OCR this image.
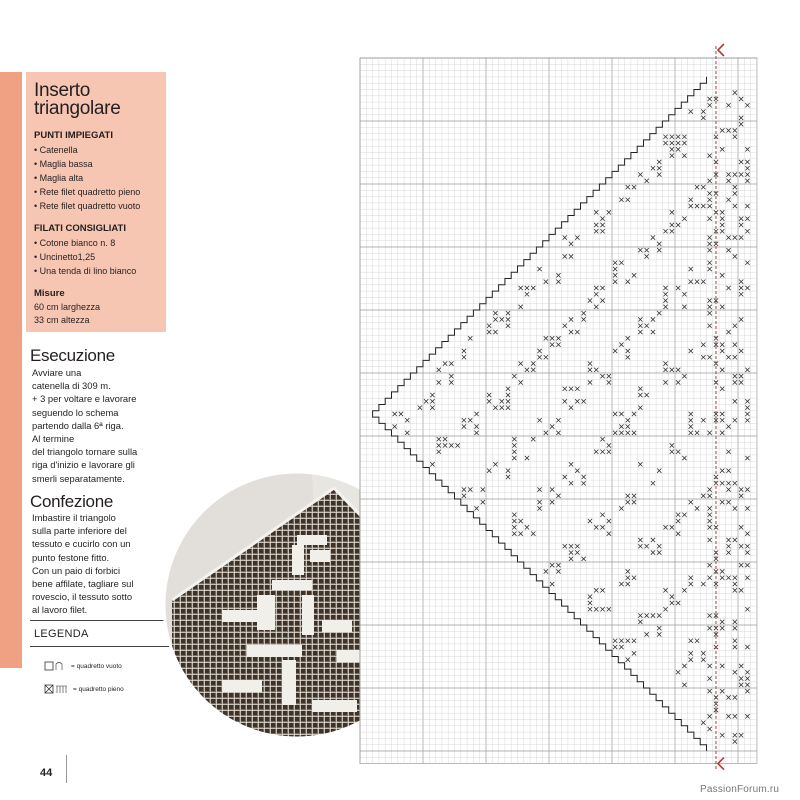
Inserto
triangolare
PUNTI IMPIEGATI
• Catenella
• Maglia bassa
• Maglia alta
• Rete filet quadretto pieno
• Rete filet quadretto vuoto
FILATI CONSIGLIATI
• Cotone bianco n. 8
• Uncinetto1,25
• Una tenda di lino bianco
Misure

60 cm larghezza

33 cm altezza

Esecuzione
Avviare una
catenella di 309 m.
+ 3 per voltare e lavorare
seguendo lo schema
partendo dalla 6ª riga.
Al termine
del triangolo tornare sulla
riga d'inizio e lavorare gli
smerli separatamente.
Confezione
Imbastire il triangolo
sulla parte inferiore del
tessuto e cucirlo con un
punto festone fitto.
Con un paio di forbici
bene affilate, tagliare sul
rovescio, il tessuto sotto
al lavoro filet.
LEGENDA
= quadretto vuoto
= quadretto pieno
44
PassionForum.ru
